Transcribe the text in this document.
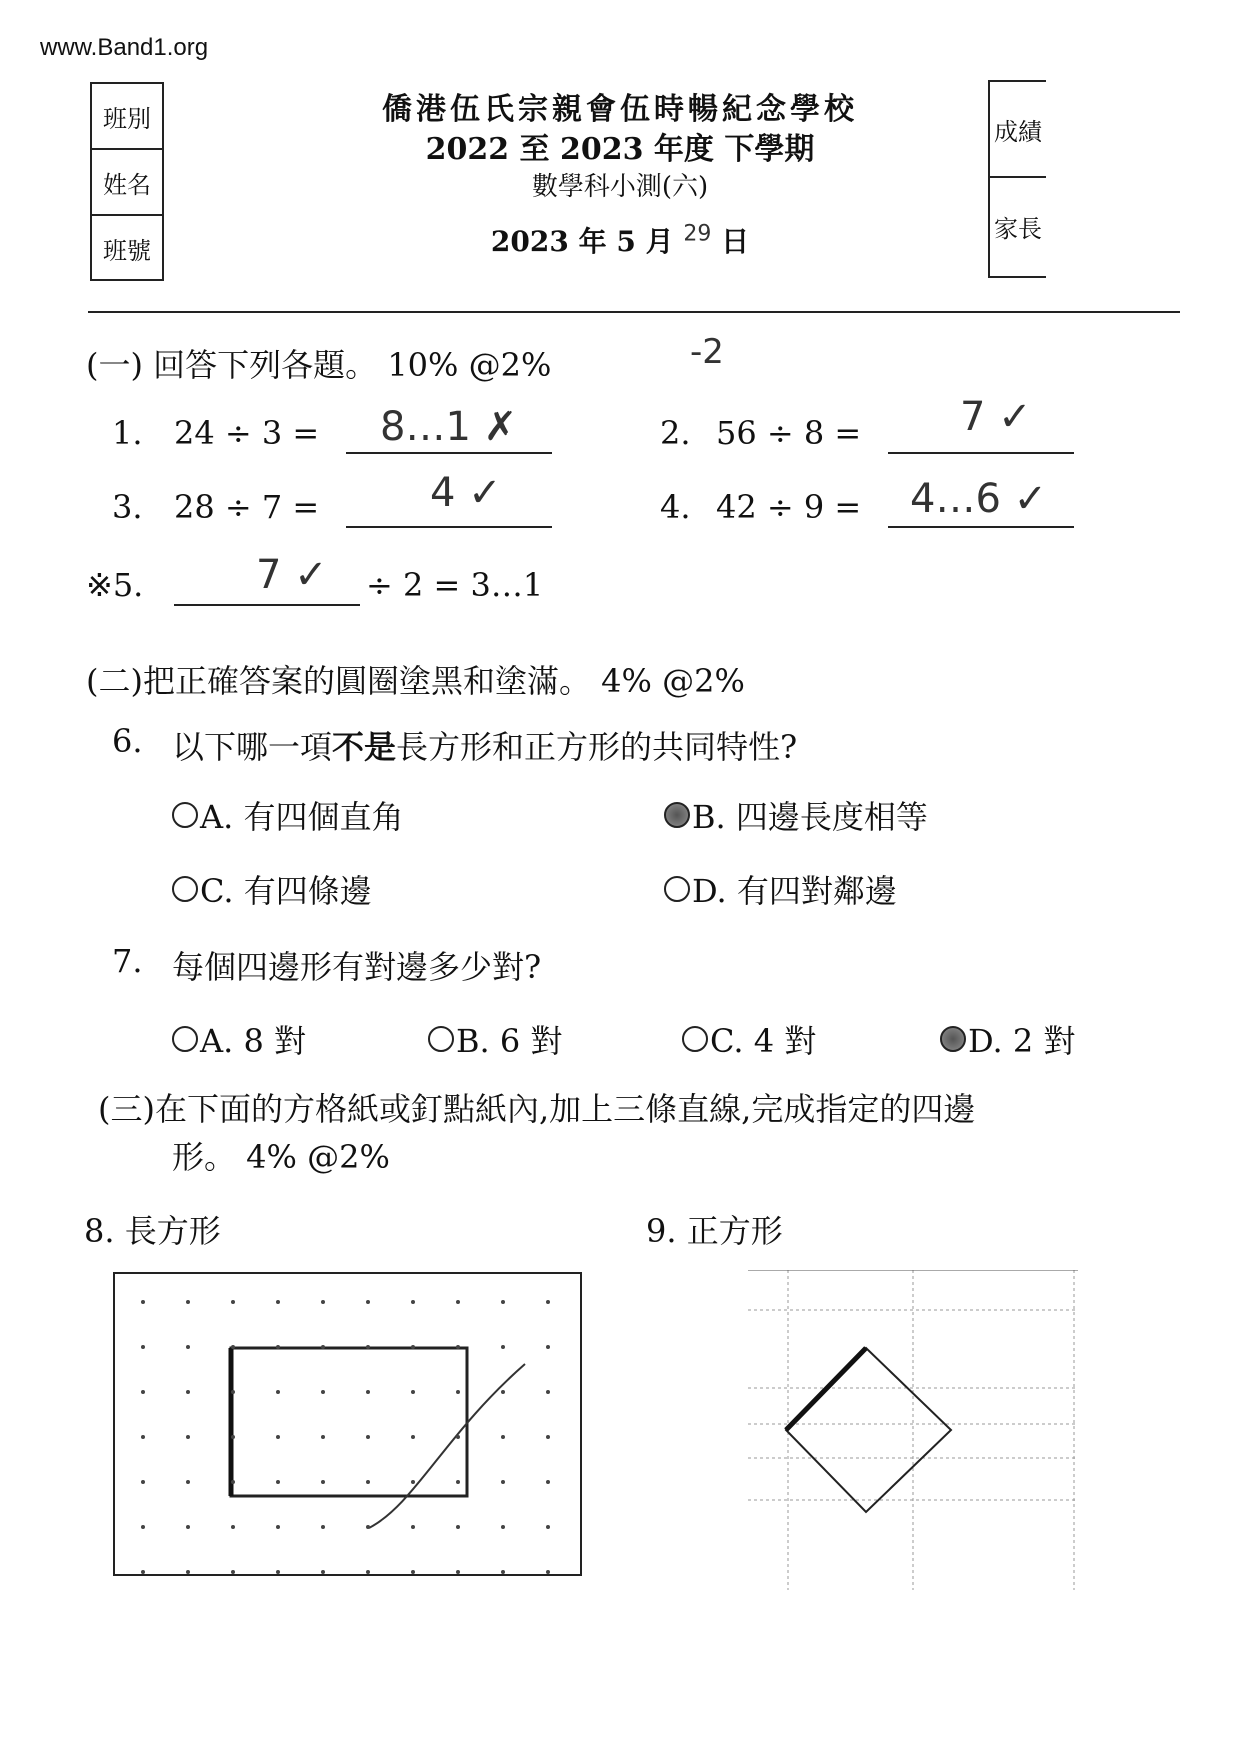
www.Band1.org
班別
姓名
班號
成績
家長
僑港伍氏宗親會伍時暢紀念學校
2022 至 2023 年度 下學期
數學科小測(六)
2023 年 5 月 $^{29}$ 日
(一) 回答下列各題。 10% @2%	-2
1. 24 ÷ 3 = 8…1 ✗	2. 56 ÷ 8 = 7 ✓
3. 28 ÷ 7 =	4 ✓	4. 42 ÷ 9 = 4…6 ✓
※5.	7 ✓ ÷ 2 = 3…1
(二)把正確答案的圓圈塗黑和塗滿。 4% @2%
6. 以下哪一項不是長方形和正方形的共同特性?
A. 有四個直角	B. 四邊長度相等
C. 有四條邊	D. 有四對鄰邊
7. 每個四邊形有對邊多少對?
A. 8 對	B. 6 對	C. 4 對	D. 2 對
(三)在下面的方格紙或釘點紙內,加上三條直線,完成指定的四邊
形。 4% @2%
8. 長方形	9. 正方形
